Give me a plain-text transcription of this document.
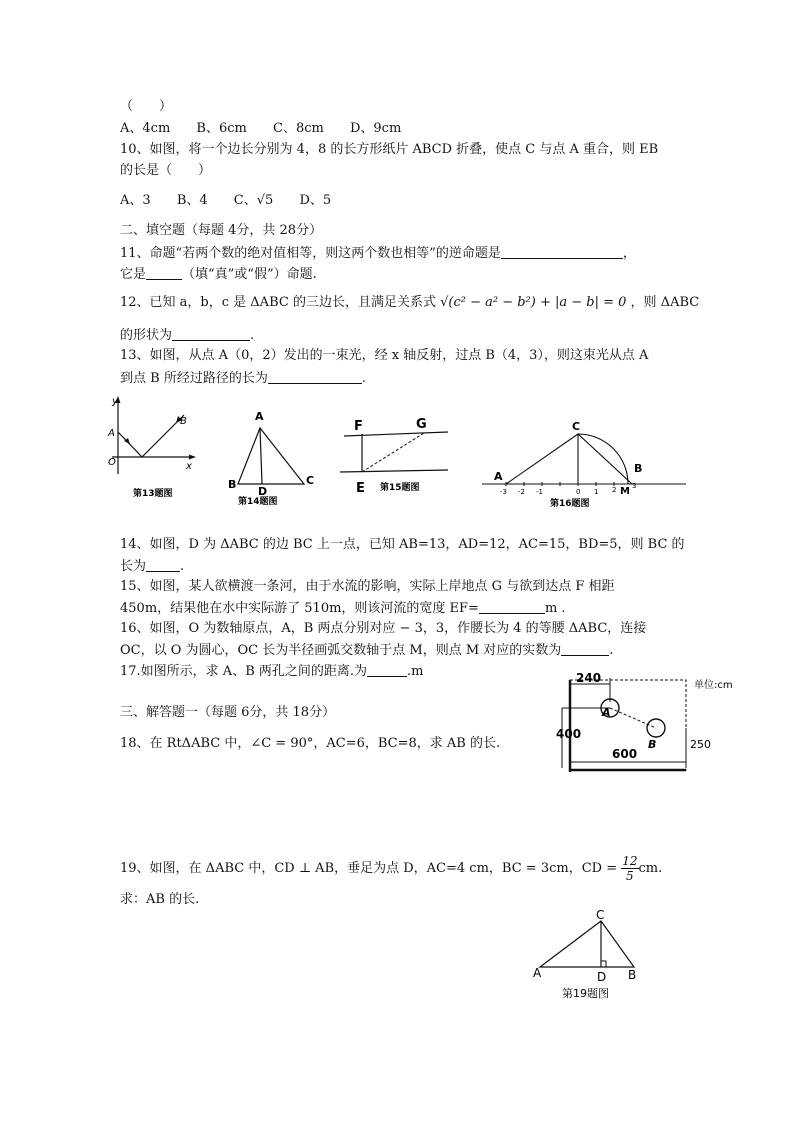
（　　）
A、4cm B、6cm C、8cm D、9cm
10、如图，将一个边长分别为 4，8 的长方形纸片 ABCD 折叠，使点 C 与点 A 重合，则 EB
的长是（　　）
A、3 B、4 C、√5 D、5
二、填空题（每题 4分，共 28分）
11、命题“若两个数的绝对值相等，则这两个数也相等”的逆命题是	，
它是	（填“真”或“假”）命题.
12、已知 a，b，c 是 ΔABC 的三边长，且满足关系式 √(c² − a² − b²) + |a − b| = 0 ，则 ΔABC
的形状为	.
13、如图，从点 A（0，2）发出的一束光，经 x 轴反射，过点 B（4，3），则这束光从点 A
到点 B 所经过路径的长为	.
y
A
B
O	x
第13题图
A
B
D
C
第14题图
F	G
E 第15题图
C
A
B
M
-3 -2 -1	0 1 2 3
第16题图
14、如图，D 为 ΔABC 的边 BC 上一点，已知 AB=13，AD=12，AC=15，BD=5，则 BC 的
长为	.
15、如图，某人欲横渡一条河，由于水流的影响，实际上岸地点 G 与欲到达点 F 相距
450m，结果他在水中实际游了 510m，则该河流的宽度 EF=	m .
16、如图，O 为数轴原点，A，B 两点分别对应 − 3，3，作腰长为 4 的等腰 ΔABC，连接
OC，以 O 为圆心，OC 长为半径画弧交数轴于点 M，则点 M 对应的实数为	.
17.如图所示，求 A、B 两孔之间的距离.为	.m	240
400
600
250
A
B
单位:cm
三、解答题一（每题 6分，共 18分）
18、在 RtΔABC 中，∠C = 90°，AC=6，BC=8，求 AB 的长.
19、如图，在 ΔABC 中，CD ⊥ AB，垂足为点 D，AC=4 cm，BC = 3cm，CD = $\frac{12}{5}$ cm.
求：AB 的长.
C
A	D B
第19题图
